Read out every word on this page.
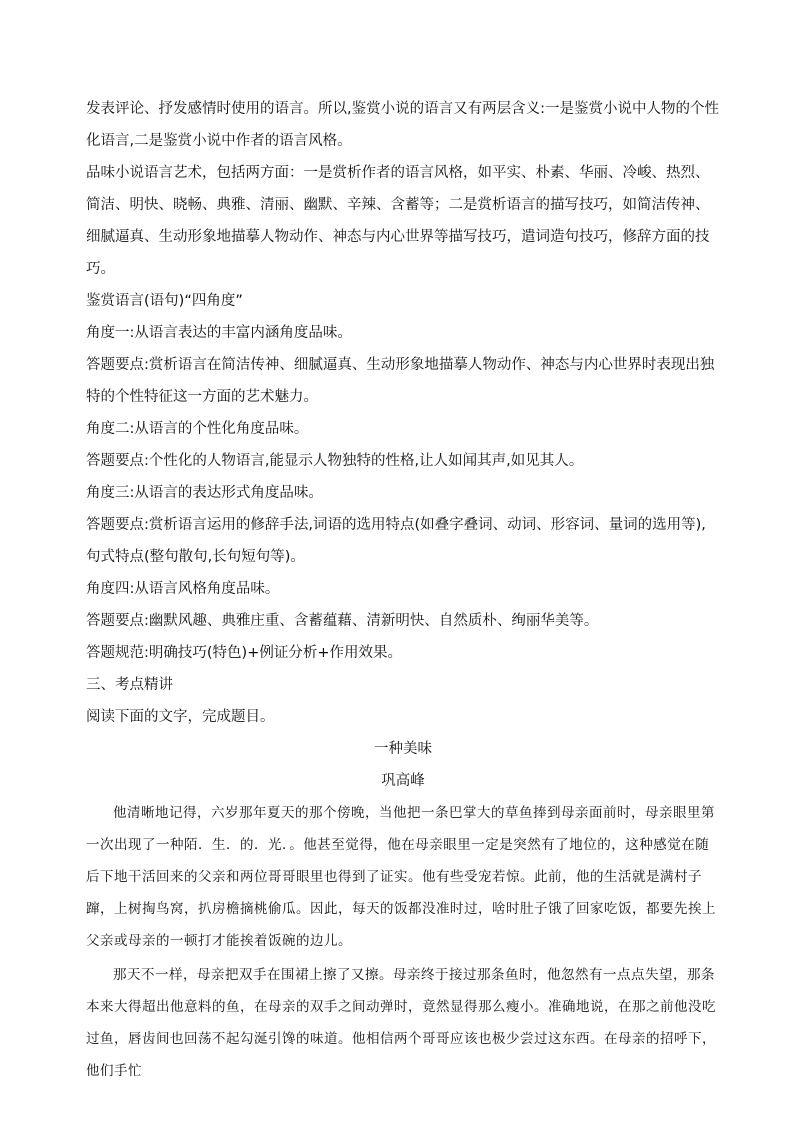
发表评论、抒发感情时使用的语言。所以,鉴赏小说的语言又有两层含义:一是鉴赏小说中人物的个性化语言,二是鉴赏小说中作者的语言风格。

品味小说语言艺术，包括两方面：一是赏析作者的语言风格，如平实、朴素、华丽、冷峻、热烈、简洁、明快、晓畅、典雅、清丽、幽默、辛辣、含蓄等；二是赏析语言的描写技巧，如简洁传神、细腻逼真、生动形象地描摹人物动作、神态与内心世界等描写技巧，遣词造句技巧，修辞方面的技巧。

鉴赏语言(语句)“四角度”

角度一:从语言表达的丰富内涵角度品味。

答题要点:赏析语言在简洁传神、细腻逼真、生动形象地描摹人物动作、神态与内心世界时表现出独特的个性特征这一方面的艺术魅力。

角度二:从语言的个性化角度品味。

答题要点:个性化的人物语言,能显示人物独特的性格,让人如闻其声,如见其人。

角度三:从语言的表达形式角度品味。

答题要点:赏析语言运用的修辞手法,词语的选用特点(如叠字叠词、动词、形容词、量词的选用等),句式特点(整句散句,长句短句等)。

角度四:从语言风格角度品味。

答题要点:幽默风趣、典雅庄重、含蓄蕴藉、清新明快、自然质朴、绚丽华美等。

答题规范:明确技巧(特色)+例证分析+作用效果。

三、考点精讲

阅读下面的文字，完成题目。

一种美味

巩高峰

他清晰地记得，六岁那年夏天的那个傍晚，当他把一条巴掌大的草鱼捧到母亲面前时，母亲眼里第一次出现了一种陌．生．的．光．。他甚至觉得，他在母亲眼里一定是突然有了地位的，这种感觉在随后下地干活回来的父亲和两位哥哥眼里也得到了证实。他有些受宠若惊。此前，他的生活就是满村子蹿，上树掏鸟窝，扒房檐摘桃偷瓜。因此，每天的饭都没准时过，啥时肚子饿了回家吃饭，都要先挨上父亲或母亲的一顿打才能挨着饭碗的边儿。

那天不一样，母亲把双手在围裙上擦了又擦。母亲终于接过那条鱼时，他忽然有一点点失望，那条本来大得超出他意料的鱼，在母亲的双手之间动弹时，竟然显得那么瘦小。准确地说，在那之前他没吃过鱼，唇齿间也回荡不起勾涎引馋的味道。他相信两个哥哥应该也极少尝过这东西。在母亲的招呼下，他们手忙
